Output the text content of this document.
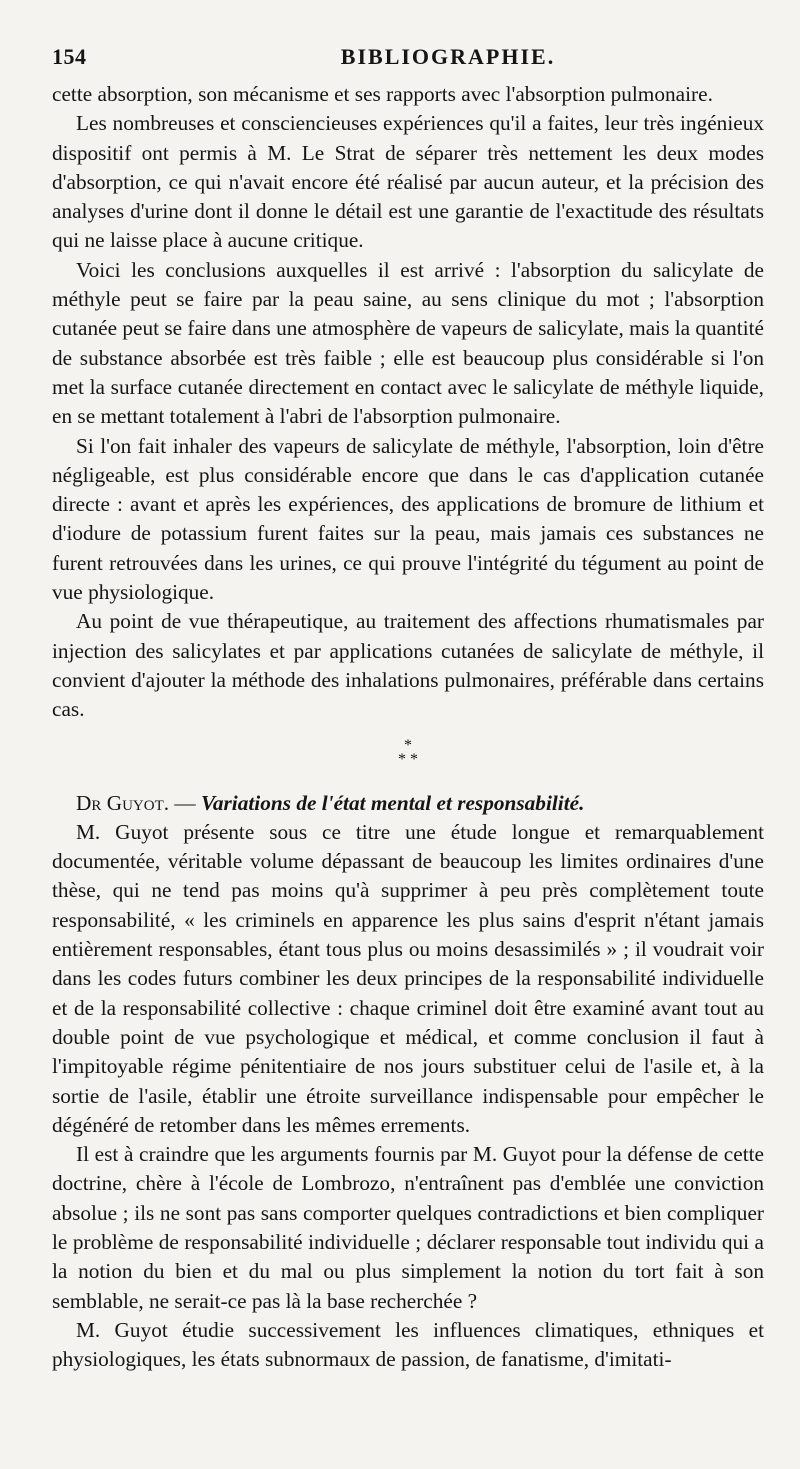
154	BIBLIOGRAPHIE.

cette absorption, son mécanisme et ses rapports avec l'absorption pulmonaire.

Les nombreuses et consciencieuses expériences qu'il a faites, leur très ingénieux dispositif ont permis à M. Le Strat de séparer très nettement les deux modes d'absorption, ce qui n'avait encore été réalisé par aucun auteur, et la précision des analyses d'urine dont il donne le détail est une garantie de l'exactitude des résultats qui ne laisse place à aucune critique.

Voici les conclusions auxquelles il est arrivé : l'absorption du salicylate de méthyle peut se faire par la peau saine, au sens clinique du mot ; l'absorption cutanée peut se faire dans une atmosphère de vapeurs de salicylate, mais la quantité de substance absorbée est très faible ; elle est beaucoup plus considérable si l'on met la surface cutanée directement en contact avec le salicylate de méthyle liquide, en se mettant totalement à l'abri de l'absorption pulmonaire.

Si l'on fait inhaler des vapeurs de salicylate de méthyle, l'absorption, loin d'être négligeable, est plus considérable encore que dans le cas d'application cutanée directe : avant et après les expériences, des applications de bromure de lithium et d'iodure de potassium furent faites sur la peau, mais jamais ces substances ne furent retrouvées dans les urines, ce qui prouve l'intégrité du tégument au point de vue physiologique.

Au point de vue thérapeutique, au traitement des affections rhumatismales par injection des salicylates et par applications cutanées de salicylate de méthyle, il convient d'ajouter la méthode des inhalations pulmonaires, préférable dans certains cas.

*
* *

Dr Guyot. — Variations de l'état mental et responsabilité.

M. Guyot présente sous ce titre une étude longue et remarquablement documentée, véritable volume dépassant de beaucoup les limites ordinaires d'une thèse, qui ne tend pas moins qu'à supprimer à peu près complètement toute responsabilité, « les criminels en apparence les plus sains d'esprit n'étant jamais entièrement responsables, étant tous plus ou moins desassimilés » ; il voudrait voir dans les codes futurs combiner les deux principes de la responsabilité individuelle et de la responsabilité collective : chaque criminel doit être examiné avant tout au double point de vue psychologique et médical, et comme conclusion il faut à l'impitoyable régime pénitentiaire de nos jours substituer celui de l'asile et, à la sortie de l'asile, établir une étroite surveillance indispensable pour empêcher le dégénéré de retomber dans les mêmes errements.

Il est à craindre que les arguments fournis par M. Guyot pour la défense de cette doctrine, chère à l'école de Lombrozo, n'entraînent pas d'emblée une conviction absolue ; ils ne sont pas sans comporter quelques contradictions et bien compliquer le problème de responsabilité individuelle ; déclarer responsable tout individu qui a la notion du bien et du mal ou plus simplement la notion du tort fait à son semblable, ne serait-ce pas là la base recherchée ?

M. Guyot étudie successivement les influences climatiques, ethniques et physiologiques, les états subnormaux de passion, de fanatisme, d'imitati-
